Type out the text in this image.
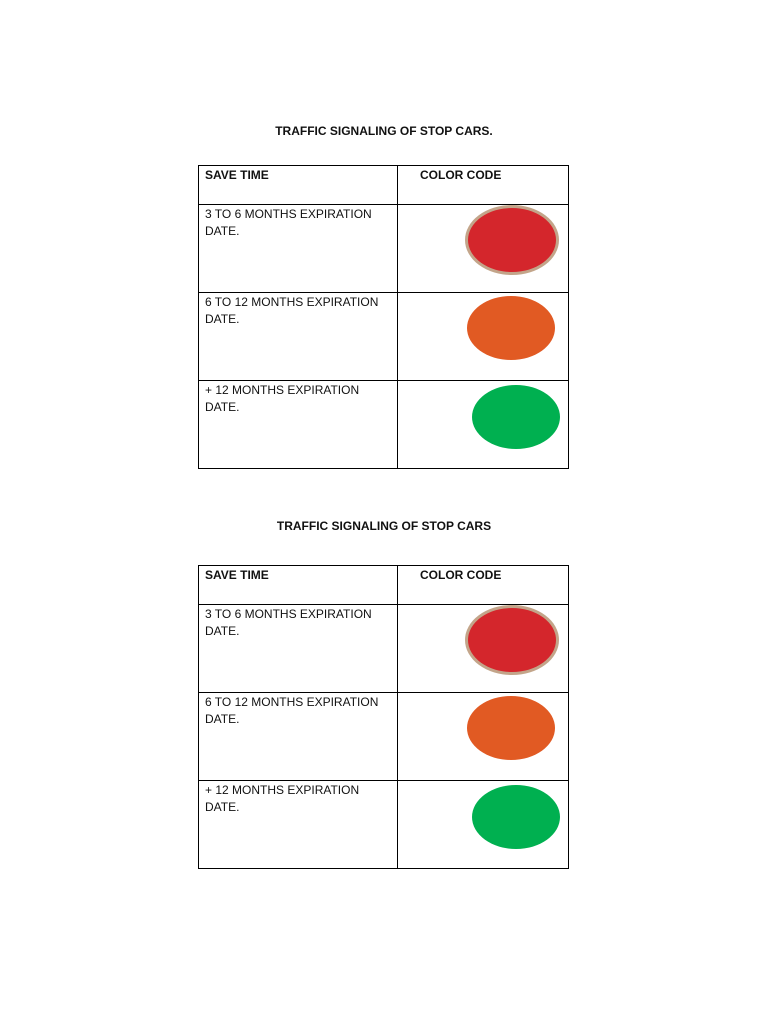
TRAFFIC SIGNALING OF STOP CARS.
SAVE TIME	COLOR CODE

3 TO 6 MONTHS EXPIRATION DATE.	

6 TO 12 MONTHS EXPIRATION DATE.	

+ 12 MONTHS EXPIRATION DATE.	

TRAFFIC SIGNALING OF STOP CARS
SAVE TIME	COLOR CODE

3 TO 6 MONTHS EXPIRATION DATE.	

6 TO 12 MONTHS EXPIRATION DATE.	

+ 12 MONTHS EXPIRATION DATE.	
